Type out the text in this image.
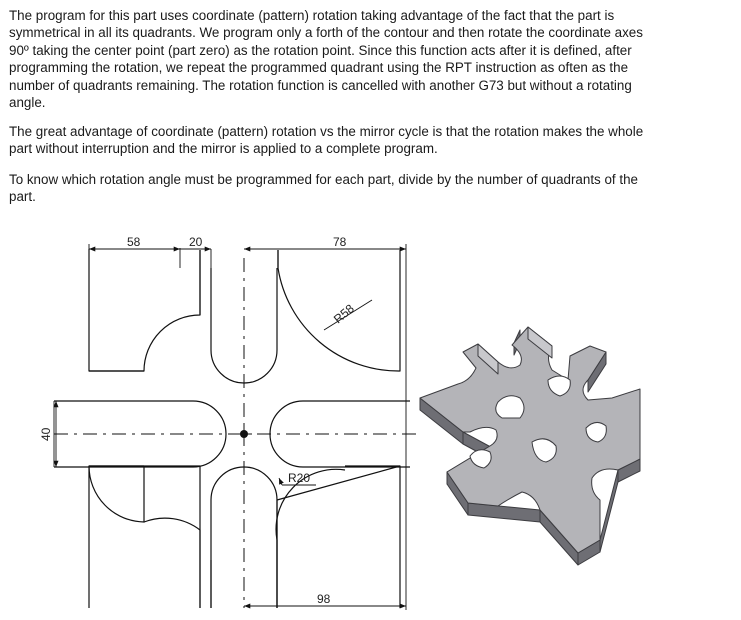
The program for this part uses coordinate (pattern) rotation taking advantage of the fact that the part is symmetrical in all its quadrants. We program only a forth of the contour and then rotate the coordinate axes 90º taking the center point (part zero) as the rotation point. Since this function acts after it is defined, after programming the rotation, we repeat the programmed quadrant using the RPT instruction as often as the number of quadrants remaining. The rotation function is cancelled with another G73 but without a rotating angle.

The great advantage of coordinate (pattern) rotation vs the mirror cycle is that the rotation makes the whole part without interruption and the mirror is applied to a complete program.

To know which rotation angle must be programmed for each part, divide by the number of quadrants of the part.

58	20	78
R58
R20
98
40
